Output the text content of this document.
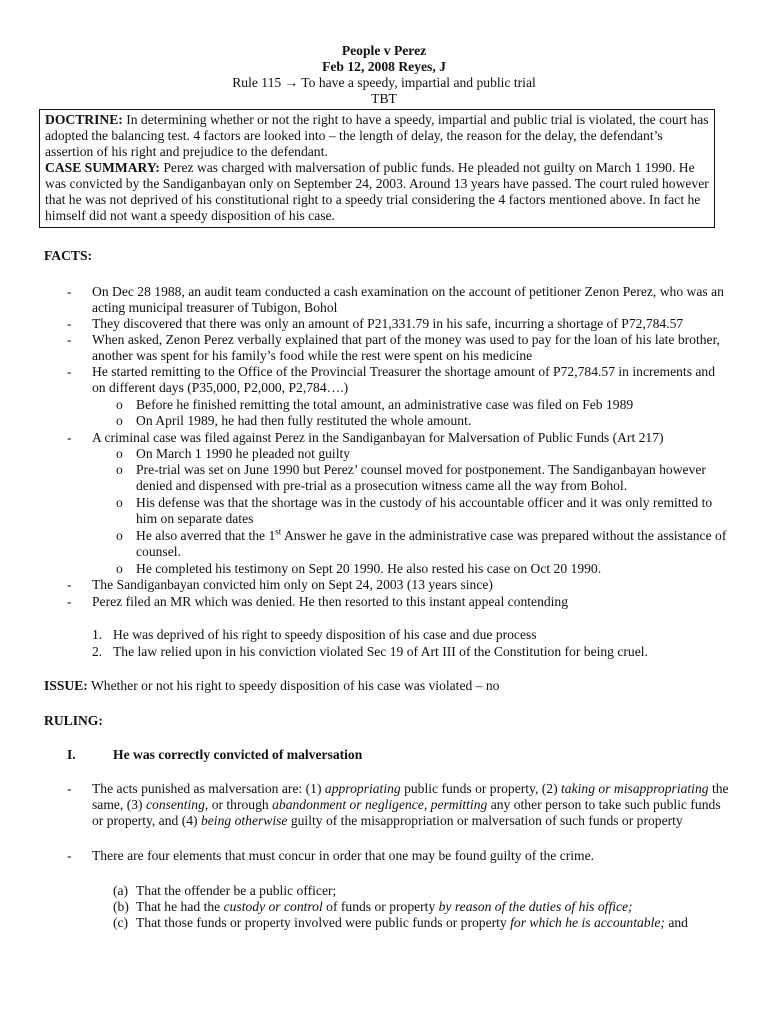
People v Perez
Feb 12, 2008 Reyes, J
Rule 115 → To have a speedy, impartial and public trial
TBT

DOCTRINE: In determining whether or not the right to have a speedy, impartial and public trial is violated, the court has adopted the balancing test. 4 factors are looked into – the length of delay, the reason for the delay, the defendant’s assertion of his right and prejudice to the defendant.

CASE SUMMARY: Perez was charged with malversation of public funds. He pleaded not guilty on March 1 1990. He was convicted by the Sandiganbayan only on September 24, 2003. Around 13 years have passed. The court ruled however that he was not deprived of his constitutional right to a speedy trial considering the 4 factors mentioned above. In fact he himself did not want a speedy disposition of his case.

FACTS:
- On Dec 28 1988, an audit team conducted a cash examination on the account of petitioner Zenon Perez, who was an acting municipal treasurer of Tubigon, Bohol
- They discovered that there was only an amount of P21,331.79 in his safe, incurring a shortage of P72,784.57
- When asked, Zenon Perez verbally explained that part of the money was used to pay for the loan of his late brother, another was spent for his family’s food while the rest were spent on his medicine
- He started remitting to the Office of the Provincial Treasurer the shortage amount of P72,784.57 in increments and on different days (P35,000, P2,000, P2,784….)
o Before he finished remitting the total amount, an administrative case was filed on Feb 1989
o On April 1989, he had then fully restituted the whole amount.
- A criminal case was filed against Perez in the Sandiganbayan for Malversation of Public Funds (Art 217)
o On March 1 1990 he pleaded not guilty
o Pre-trial was set on June 1990 but Perez’ counsel moved for postponement. The Sandiganbayan however denied and dispensed with pre-trial as a prosecution witness came all the way from Bohol.
o His defense was that the shortage was in the custody of his accountable officer and it was only remitted to him on separate dates
o He also averred that the 1st Answer he gave in the administrative case was prepared without the assistance of counsel.
o He completed his testimony on Sept 20 1990. He also rested his case on Oct 20 1990.
- The Sandiganbayan convicted him only on Sept 24, 2003 (13 years since)
- Perez filed an MR which was denied. He then resorted to this instant appeal contending
1. He was deprived of his right to speedy disposition of his case and due process
2. The law relied upon in his conviction violated Sec 19 of Art III of the Constitution for being cruel.
ISSUE: Whether or not his right to speedy disposition of his case was violated – no
RULING:
I.	He was correctly convicted of malversation
- The acts punished as malversation are: (1) appropriating public funds or property, (2) taking or misappropriating the same, (3) consenting, or through abandonment or negligence, permitting any other person to take such public funds or property, and (4) being otherwise guilty of the misappropriation or malversation of such funds or property
- There are four elements that must concur in order that one may be found guilty of the crime.
(a) That the offender be a public officer;
(b) That he had the custody or control of funds or property by reason of the duties of his office;
(c) That those funds or property involved were public funds or property for which he is accountable; and
